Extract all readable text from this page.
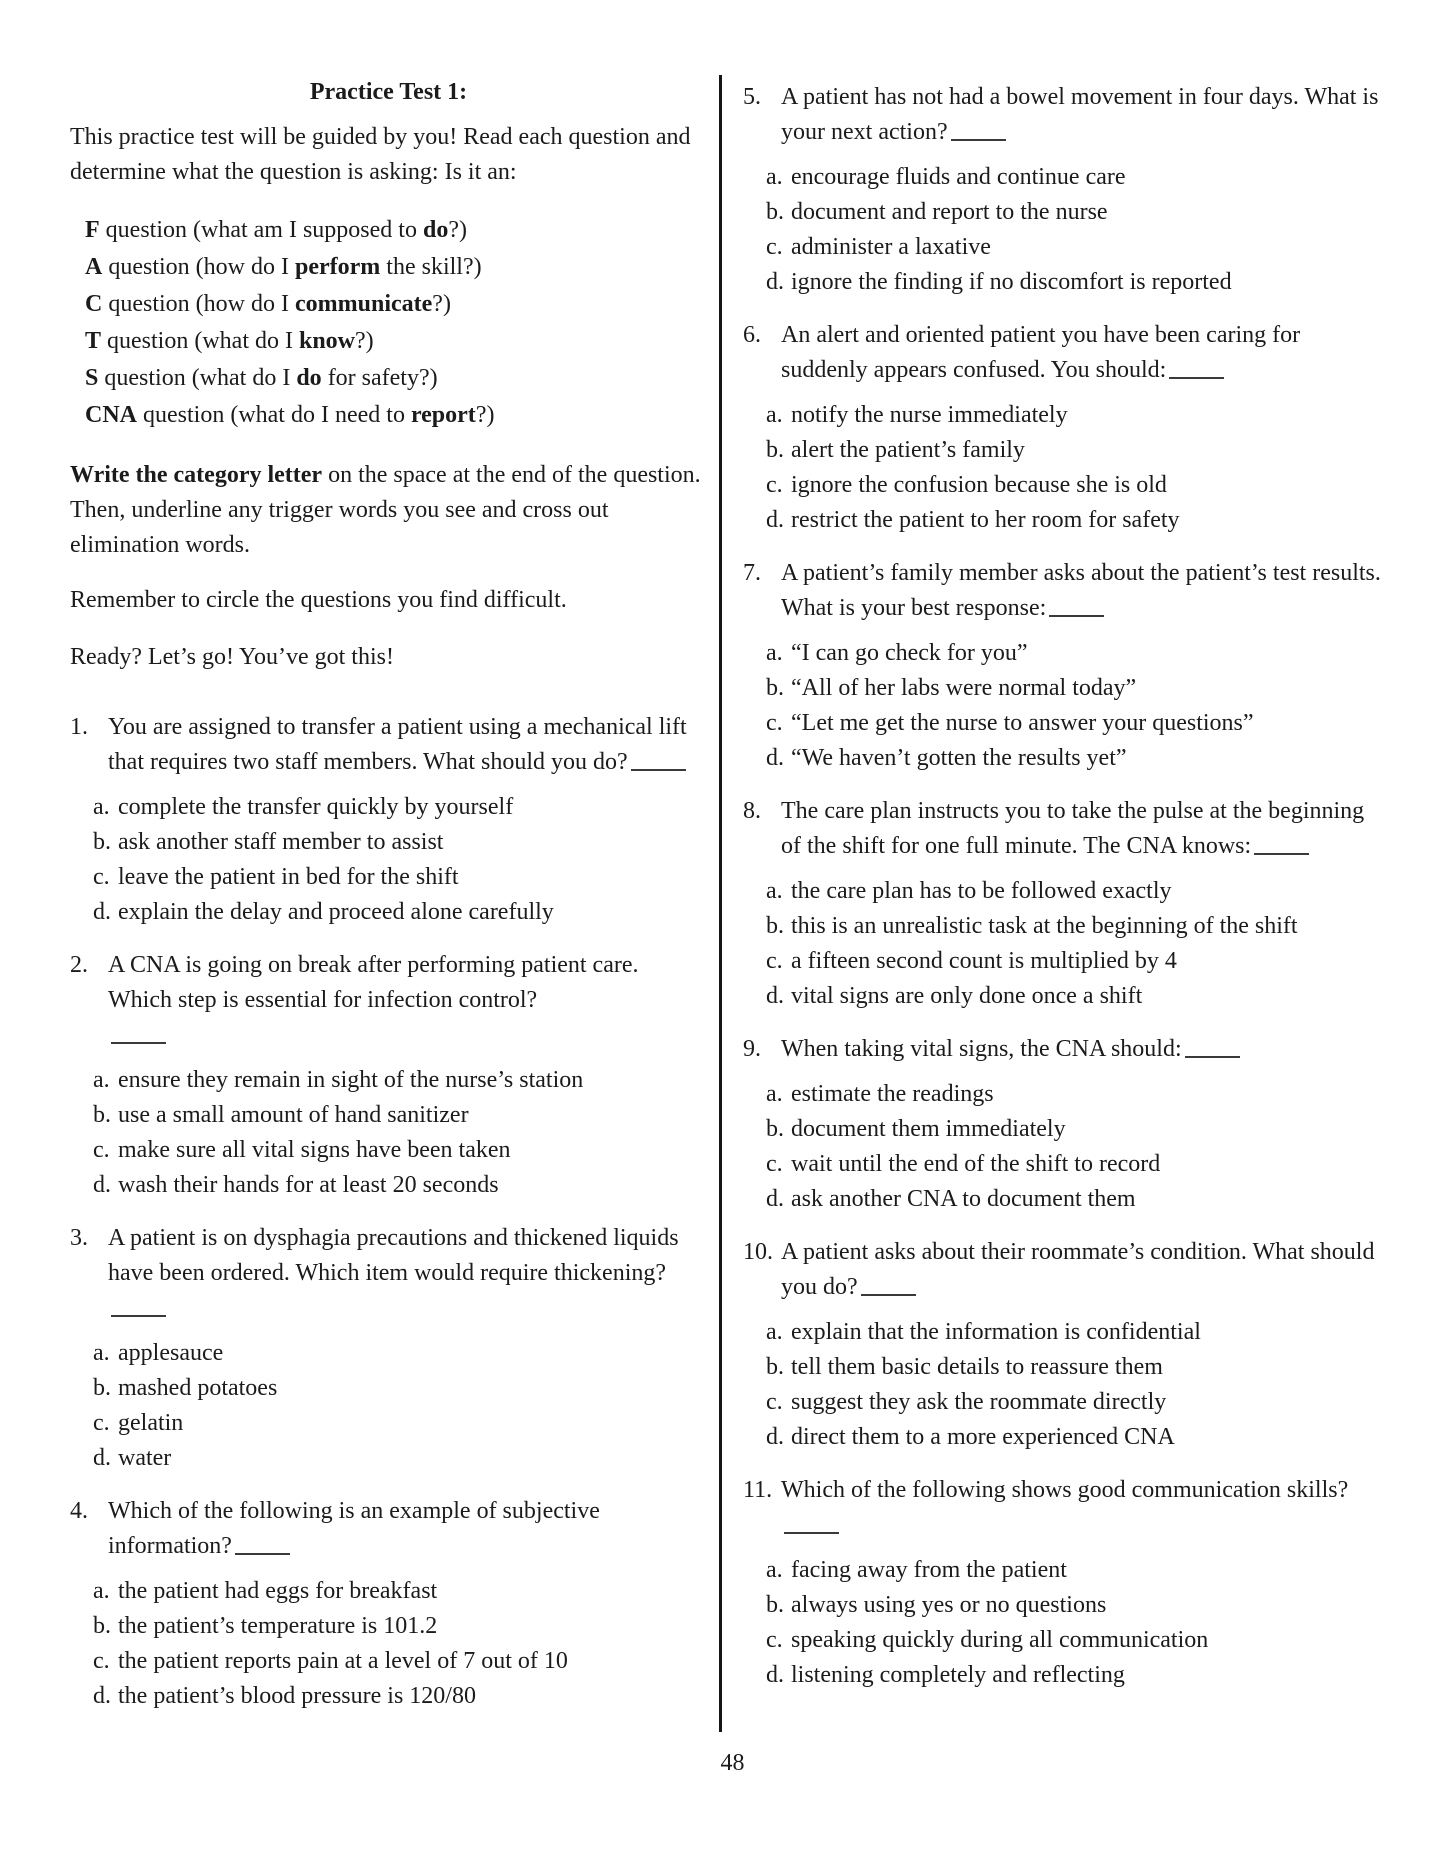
Practice Test 1:

This practice test will be guided by you! Read each question and determine what the question is asking: Is it an:

F question (what am I supposed to do?)
A question (how do I perform the skill?)
C question (how do I communicate?)
T question (what do I know?)
S question (what do I do for safety?)
CNA question (what do I need to report?)

Write the category letter on the space at the end of the question. Then, underline any trigger words you see and cross out elimination words.

Remember to circle the questions you find difficult.

Ready? Let’s go! You’ve got this!

1. You are assigned to transfer a patient using a mechanical lift that requires two staff members. What should you do?
a. complete the transfer quickly by yourself
b. ask another staff member to assist
c. leave the patient in bed for the shift
d. explain the delay and proceed alone carefully
2. A CNA is going on break after performing patient care. Which step is essential for infection control?
a. ensure they remain in sight of the nurse’s station
b. use a small amount of hand sanitizer
c. make sure all vital signs have been taken
d. wash their hands for at least 20 seconds
3. A patient is on dysphagia precautions and thickened liquids have been ordered. Which item would require thickening?
a. applesauce
b. mashed potatoes
c. gelatin
d. water
4. Which of the following is an example of subjective information?
a. the patient had eggs for breakfast
b. the patient’s temperature is 101.2
c. the patient reports pain at a level of 7 out of 10
d. the patient’s blood pressure is 120/80
5. A patient has not had a bowel movement in four days. What is your next action?
a. encourage fluids and continue care
b. document and report to the nurse
c. administer a laxative
d. ignore the finding if no discomfort is reported
6. An alert and oriented patient you have been caring for suddenly appears confused. You should:
a. notify the nurse immediately
b. alert the patient’s family
c. ignore the confusion because she is old
d. restrict the patient to her room for safety
7. A patient’s family member asks about the patient’s test results. What is your best response:
a. “I can go check for you”
b. “All of her labs were normal today”
c. “Let me get the nurse to answer your questions”
d. “We haven’t gotten the results yet”
8. The care plan instructs you to take the pulse at the beginning of the shift for one full minute. The CNA knows:
a. the care plan has to be followed exactly
b. this is an unrealistic task at the beginning of the shift
c. a fifteen second count is multiplied by 4
d. vital signs are only done once a shift
9. When taking vital signs, the CNA should:
a. estimate the readings
b. document them immediately
c. wait until the end of the shift to record
d. ask another CNA to document them
10. A patient asks about their roommate’s condition. What should you do?
a. explain that the information is confidential
b. tell them basic details to reassure them
c. suggest they ask the roommate directly
d. direct them to a more experienced CNA
11. Which of the following shows good communication skills?
a. facing away from the patient
b. always using yes or no questions
c. speaking quickly during all communication
d. listening completely and reflecting
48
